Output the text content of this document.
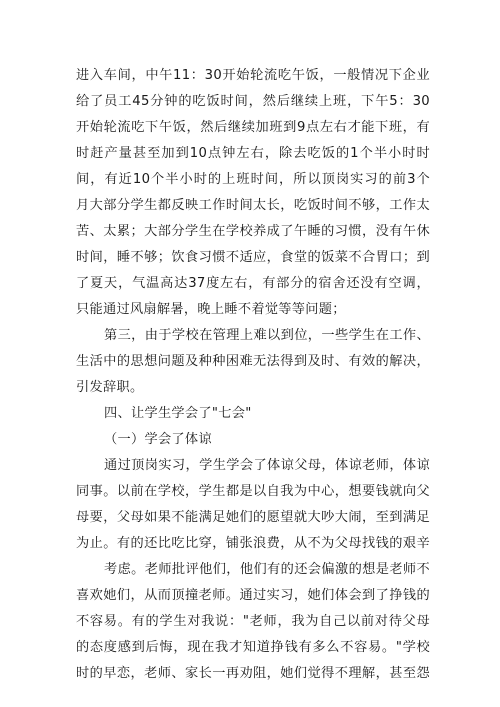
进入车间，中午11：30开始轮流吃午饭，一般情况下企业
给了员工45分钟的吃饭时间，然后继续上班，下午5：30
开始轮流吃下午饭，然后继续加班到9点左右才能下班，有
时赶产量甚至加到10点钟左右，除去吃饭的1个半小时时
间，有近10个半小时的上班时间，所以顶岗实习的前3个
月大部分学生都反映工作时间太长，吃饭时间不够，工作太
苦、太累；大部分学生在学校养成了午睡的习惯，没有午休
时间，睡不够；饮食习惯不适应，食堂的饭菜不合胃口；到
了夏天，气温高达37度左右，有部分的宿舍还没有空调，
只能通过风扇解暑，晚上睡不着觉等等问题；
第三，由于学校在管理上难以到位，一些学生在工作、
生活中的思想问题及种种困难无法得到及时、有效的解决，
引发辞职。
四、让学生学会了"七会"
（一）学会了体谅
通过顶岗实习，学生学会了体谅父母，体谅老师，体谅
同事。以前在学校，学生都是以自我为中心，想要钱就向父
母要，父母如果不能满足她们的愿望就大吵大闹，至到满足
为止。有的还比吃比穿，铺张浪费，从不为父母找钱的艰辛
考虑。老师批评他们，他们有的还会偏激的想是老师不
喜欢她们，从而顶撞老师。通过实习，她们体会到了挣钱的
不容易。有的学生对我说："老师，我为自己以前对待父母
的态度感到后悔，现在我才知道挣钱有多么不容易。"学校
时的早恋，老师、家长一再劝阻，她们觉得不理解，甚至怨
